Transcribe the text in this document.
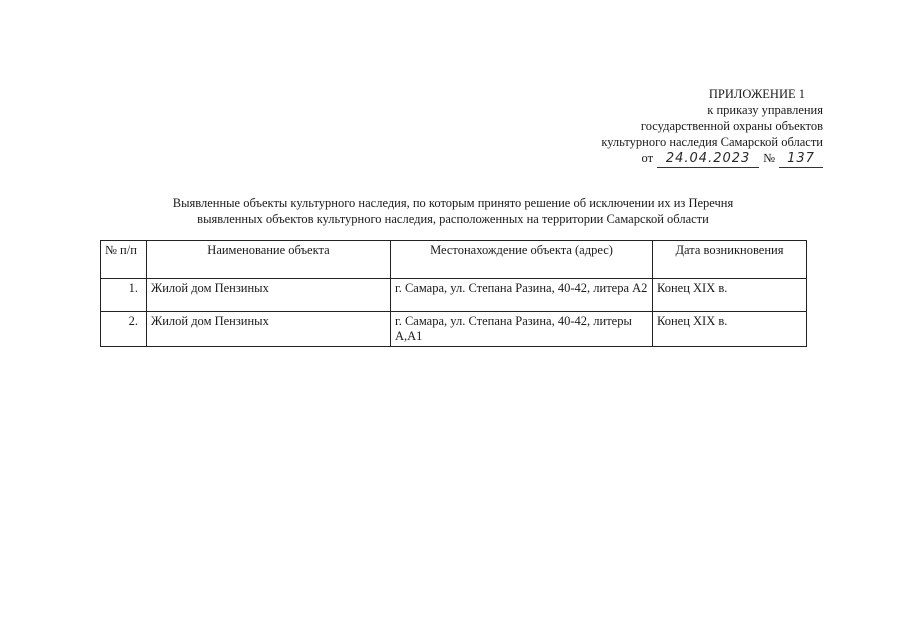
ПРИЛОЖЕНИЕ 1
к приказу управления
государственной охраны объектов
культурного наследия Самарской области
от 24.04.2023	№ 137
Выявленные объекты культурного наследия, по которым принято решение об исключении их из Перечня
выявленных объектов культурного наследия, расположенных на территории Самарской области
№ п/п	Наименование объекта	Местонахождение объекта (адрес)	Дата возникновения
1.	Жилой дом Пензиных	г. Самара, ул. Степана Разина, 40-42, литера А2	Конец XIX в.
2.	Жилой дом Пензиных	г. Самара, ул. Степана Разина, 40-42, литеры А,А1	Конец XIX в.
